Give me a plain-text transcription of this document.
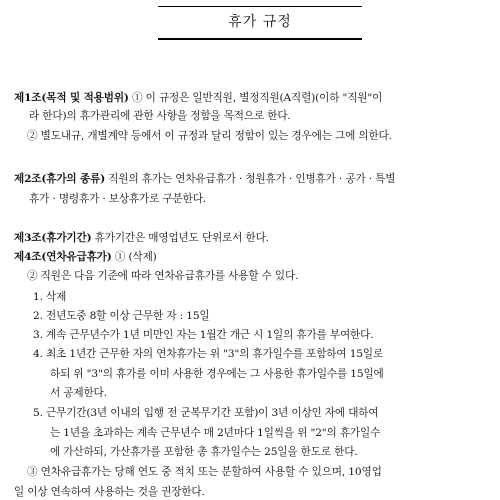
휴가 규정
제1조(목적 및 적용범위) ① 이 규정은 일반직원, 별정직원(A직렬)(이하 "직원"이
라 한다)의 휴가관리에 관한 사항을 정함을 목적으로 한다.
② 별도내규, 개별계약 등에서 이 규정과 달리 정함이 있는 경우에는 그에 의한다.
제2조(휴가의 종류) 직원의 휴가는 연차유급휴가 · 청원휴가 · 인병휴가 · 공가 · 특별
휴가 · 명령휴가 · 보상휴가로 구분한다.
제3조(휴가기간) 휴가기간은 매영업년도 단위로서 한다.
제4조(연차유급휴가) ① (삭제)
② 직원은 다음 기준에 따라 연차유급휴가를 사용할 수 있다.
1. 삭제
2. 전년도중 8할 이상 근무한 자 : 15일
3. 계속 근무년수가 1년 미만인 자는 1월간 개근 시 1일의 휴가를 부여한다.
4. 최초 1년간 근무한 자의 연차휴가는 위 "3"의 휴가일수를 포함하여 15일로
하되 위 "3"의 휴가를 이미 사용한 경우에는 그 사용한 휴가일수를 15일에
서 공제한다.
5. 근무기간(3년 이내의 입행 전 군복무기간 포함)이 3년 이상인 자에 대하여
는 1년을 초과하는 계속 근무년수 매 2년마다 1일씩을 위 "2"의 휴가일수
에 가산하되, 가산휴가를 포함한 총 휴가일수는 25일을 한도로 한다.
③ 연차유급휴가는 당해 연도 중 적치 또는 분할하여 사용할 수 있으며, 10영업
일 이상 연속하여 사용하는 것을 권장한다.
